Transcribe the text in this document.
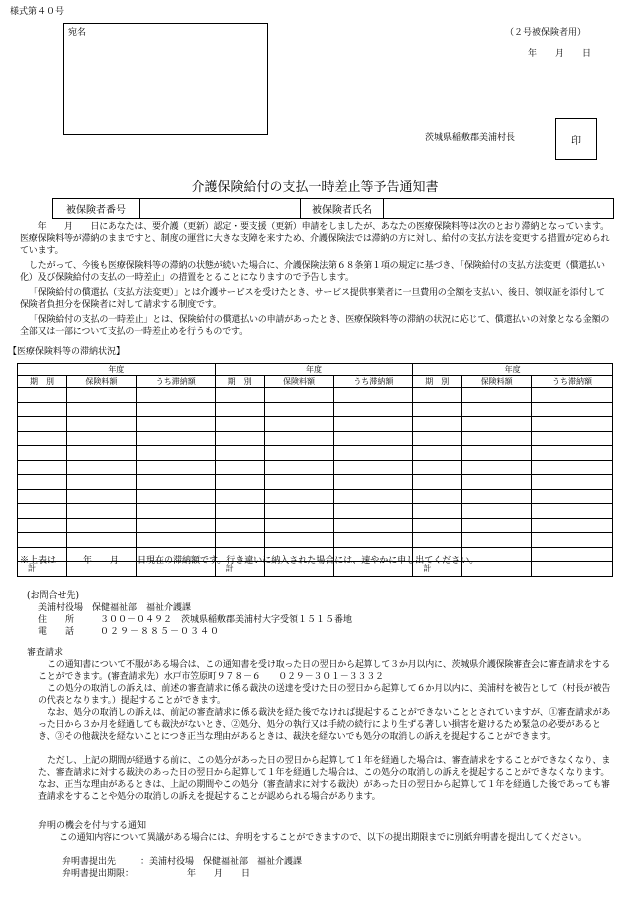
様式第４０号
宛名	（２号被保険者用）
年　　月　　日
茨城県稲敷郡美浦村長	印
介護保険給付の支払一時差止等予告通知書
被保険者番号	被保険者氏名
　　年　　月　　日にあなたは、要介護（更新）認定・要支援（更新）申請をしましたが、あなたの医療保険料等は次のとおり滞納となっています。医療保険料等が滞納のままですと、制度の運営に大きな支障を来すため、介護保険法では滞納の方に対し、給付の支払方法を変更する措置が定められています。
したがって、今後も医療保険料等の滞納の状態が続いた場合に、介護保険法第６８条第１項の規定に基づき、「保険給付の支払方法変更（償還払い化）及び保険給付の支払の一時差止」の措置をとることになりますので予告します。
「保険給付の償還払（支払方法変更）」とは介護サービスを受けたとき、サービス提供事業者に一旦費用の全額を支払い、後日、領収証を添付して保険者負担分を保険者に対して請求する制度です。
「保険給付の支払の一時差止」とは、保険給付の償還払いの申請があったとき、医療保険料等の滞納の状況に応じて、償還払いの対象となる金額の全部又は一部について支払の一時差止めを行うものです。
【医療保険料等の滞納状況】
年度			年度			年度		
期　別	保険料額	うち滞納額	期　別	保険料額	うち滞納額	期　別	保険料額	うち滞納額

計			計			計		
※上表は　　　年　　月　　日現在の滞納額です。行き違いに納入された場合には、速やかに申し出てください。
(お問合せ先)
美浦村役場　保健福祉部　福祉介護課
住　　所	３００－０４９２　茨城県稲敷郡美浦村大字受領１５１５番地
電　　話	０２９－８８５－０３４０
審査請求
この通知書について不服がある場合は、この通知書を受け取った日の翌日から起算して３か月以内に、茨城県介護保険審査会に審査請求をすることができます。(審査請求先）水戸市笠原町９７８－６　　０２９－３０１－３３３２
この処分の取消しの訴えは、前述の審査請求に係る裁決の送達を受けた日の翌日から起算して６か月以内に、美浦村を被告として（村長が被告の代表となります。）提起することができます。
なお、処分の取消しの訴えは、前記の審査請求に係る裁決を経た後でなければ提起することができないこととされていますが、①審査請求があった日から３か月を経過しても裁決がないとき、②処分、処分の執行又は手続の続行により生ずる著しい損害を避けるため緊急の必要があるとき、③その他裁決を経ないことにつき正当な理由があるときは、裁決を経ないでも処分の取消しの訴えを提起することができます。
ただし、上記の期間が経過する前に、この処分があった日の翌日から起算して１年を経過した場合は、審査請求をすることができなくなり、また、審査請求に対する裁決のあった日の翌日から起算して１年を経過した場合は、この処分の取消しの訴えを提起することができなくなります。なお、正当な理由があるときは、上記の期間やこの処分（審査請求に対する裁決）があった日の翌日から起算して１年を経過した後であっても審査請求をすることや処分の取消しの訴えを提起することが認められる場合があります。
弁明の機会を付与する通知
この通知内容について異議がある場合には、弁明をすることができますので、以下の提出期限までに別紙弁明書を提出してください。
弁明書提出先	：美浦村役場　保健福祉部　福祉介護課
弁明書提出期限：	年　　月　　日
